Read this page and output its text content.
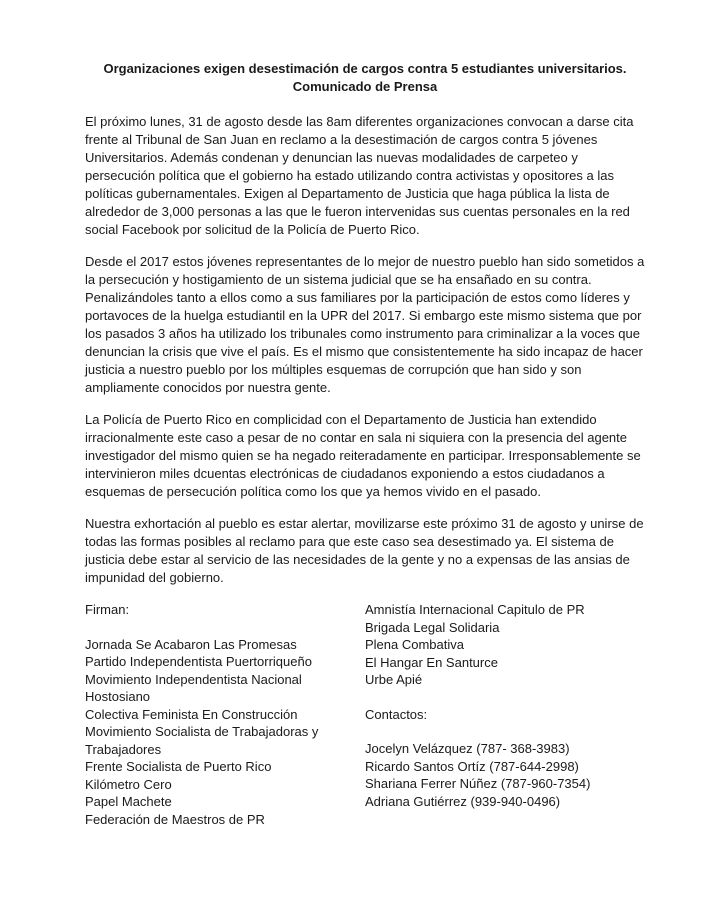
Organizaciones exigen desestimación de cargos contra 5 estudiantes universitarios.

Comunicado de Prensa

El próximo lunes, 31 de agosto desde las 8am diferentes organizaciones convocan a darse cita frente al Tribunal de San Juan en reclamo a la desestimación de cargos contra 5 jóvenes Universitarios. Además condenan y denuncian las nuevas modalidades de carpeteo y persecución política que el gobierno ha estado utilizando contra activistas y opositores a las políticas gubernamentales. Exigen al Departamento de Justicia que haga pública la lista de alrededor de 3,000 personas a las que le fueron intervenidas sus cuentas personales en la red social Facebook por solicitud de la Policía de Puerto Rico.

Desde el 2017 estos jóvenes representantes de lo mejor de nuestro pueblo han sido sometidos a la persecución y hostigamiento de un sistema judicial que se ha ensañado en su contra. Penalizándoles tanto a ellos como a sus familiares por la participación de estos como líderes y portavoces de la huelga estudiantil en la UPR del 2017. Si embargo este mismo sistema que por los pasados 3 años ha utilizado los tribunales como instrumento para criminalizar a la voces que denuncian la crisis que vive el país. Es el mismo que consistentemente ha sido incapaz de hacer justicia a nuestro pueblo por los múltiples esquemas de corrupción que han sido y son ampliamente conocidos por nuestra gente.

La Policía de Puerto Rico en complicidad con el Departamento de Justicia han extendido irracionalmente este caso a pesar de no contar en sala ni siquiera con la presencia del agente investigador del mismo quien se ha negado reiteradamente en participar. Irresponsablemente se intervinieron miles dcuentas electrónicas de ciudadanos exponiendo a estos ciudadanos a esquemas de persecución política como los que ya hemos vivido en el pasado.

Nuestra exhortación al pueblo es estar alertar, movilizarse este próximo 31 de agosto y unirse de todas las formas posibles al reclamo para que este caso sea desestimado ya. El sistema de justicia debe estar al servicio de las necesidades de la gente y no a expensas de las ansias de impunidad del gobierno.

Firman:

Jornada Se Acabaron Las Promesas

Partido Independentista Puertorriqueño

Movimiento Independentista Nacional

Hostosiano

Colectiva Feminista En Construcción

Movimiento Socialista de Trabajadoras y

Trabajadores

Frente Socialista de Puerto Rico

Kilómetro Cero

Papel Machete

Federación de Maestros de PR

Amnistía Internacional Capitulo de PR

Brigada Legal Solidaria

Plena Combativa

El Hangar En Santurce

Urbe Apié

Contactos:

Jocelyn Velázquez (787- 368-3983)

Ricardo Santos Ortíz (787-644-2998)

Shariana Ferrer Núñez (787-960-7354)

Adriana Gutiérrez (939-940-0496)
